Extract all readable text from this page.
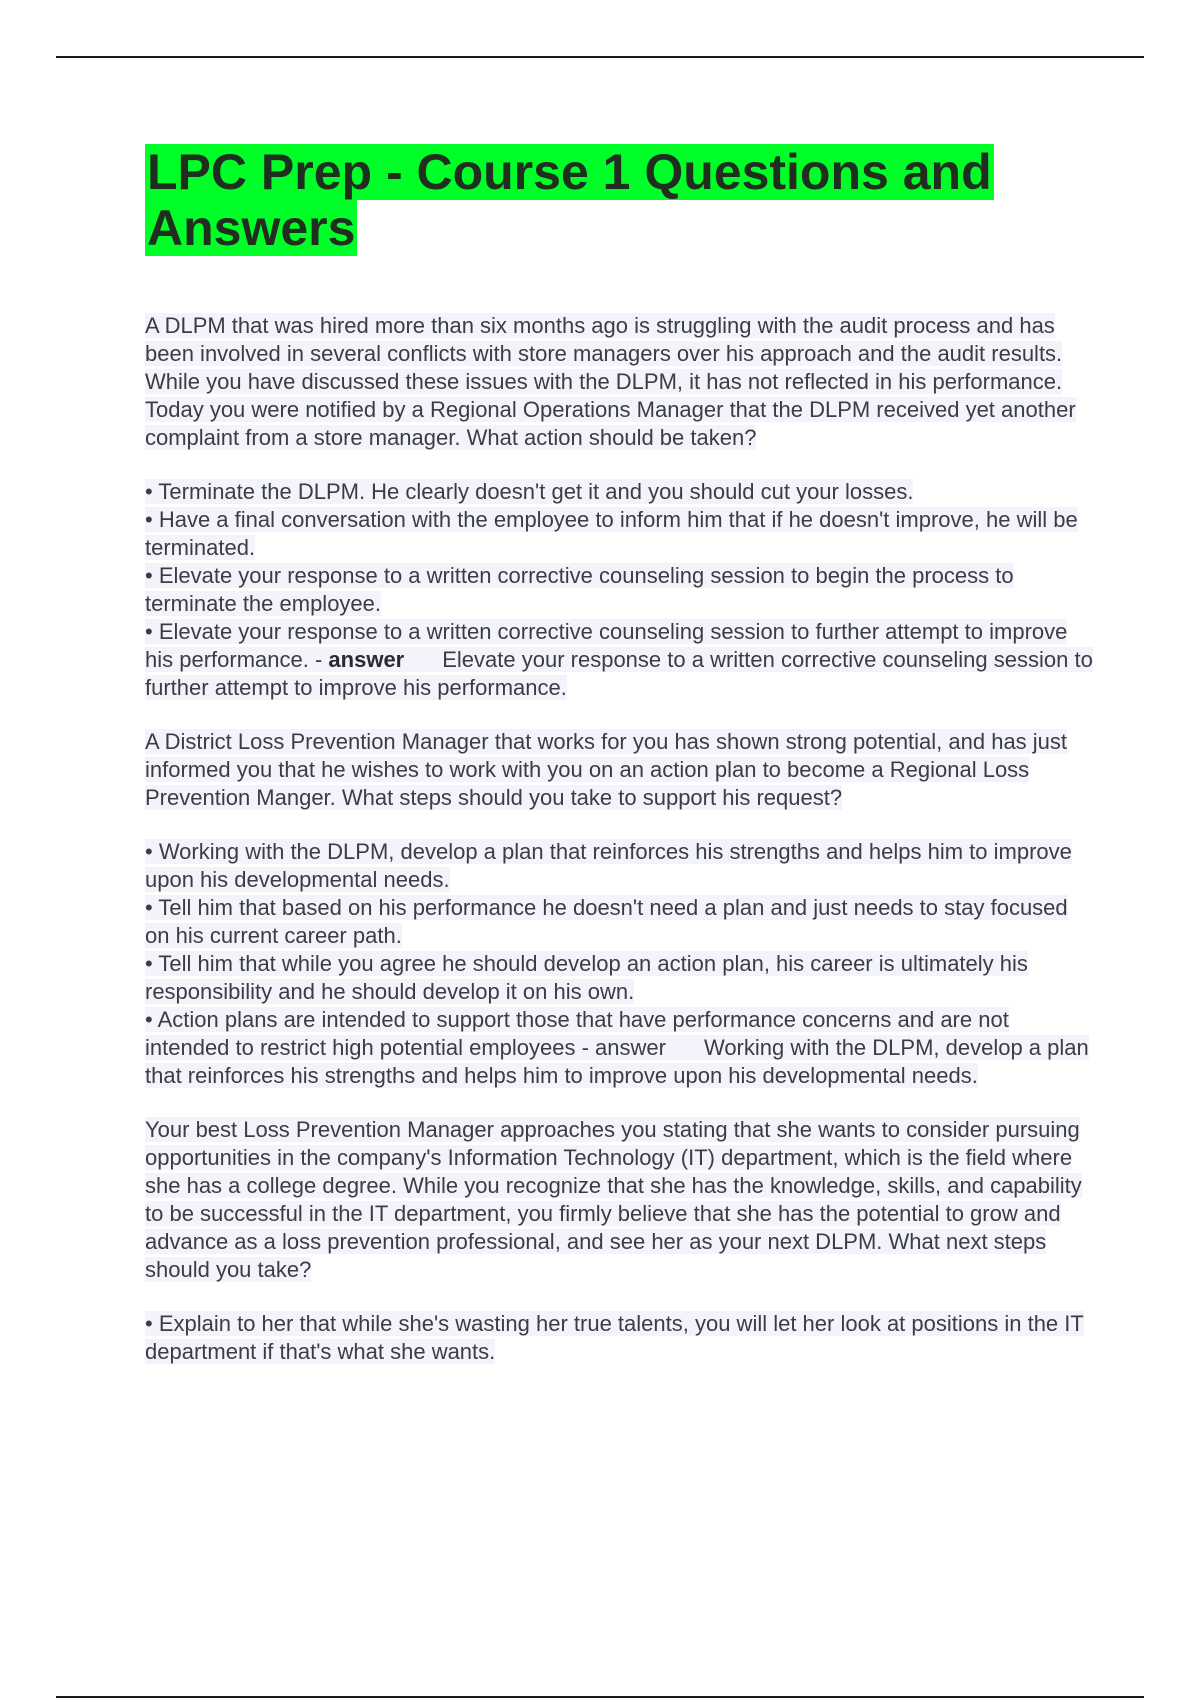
LPC Prep - Course 1 Questions and Answers

A DLPM that was hired more than six months ago is struggling with the audit process and has been involved in several conflicts with store managers over his approach and the audit results. While you have discussed these issues with the DLPM, it has not reflected in his performance. Today you were notified by a Regional Operations Manager that the DLPM received yet another complaint from a store manager. What action should be taken?

• Terminate the DLPM. He clearly doesn't get it and you should cut your losses.

• Have a final conversation with the employee to inform him that if he doesn't improve, he will be terminated.

• Elevate your response to a written corrective counseling session to begin the process to terminate the employee.

• Elevate your response to a written corrective counseling session to further attempt to improve his performance. - answer Elevate your response to a written corrective counseling session to further attempt to improve his performance.

A District Loss Prevention Manager that works for you has shown strong potential, and has just informed you that he wishes to work with you on an action plan to become a Regional Loss Prevention Manger. What steps should you take to support his request?

• Working with the DLPM, develop a plan that reinforces his strengths and helps him to improve upon his developmental needs.

• Tell him that based on his performance he doesn't need a plan and just needs to stay focused on his current career path.

• Tell him that while you agree he should develop an action plan, his career is ultimately his responsibility and he should develop it on his own.

• Action plans are intended to support those that have performance concerns and are not intended to restrict high potential employees - answer Working with the DLPM, develop a plan that reinforces his strengths and helps him to improve upon his developmental needs.

Your best Loss Prevention Manager approaches you stating that she wants to consider pursuing opportunities in the company's Information Technology (IT) department, which is the field where she has a college degree. While you recognize that she has the knowledge, skills, and capability to be successful in the IT department, you firmly believe that she has the potential to grow and advance as a loss prevention professional, and see her as your next DLPM. What next steps should you take?

• Explain to her that while she's wasting her true talents, you will let her look at positions in the IT department if that's what she wants.
